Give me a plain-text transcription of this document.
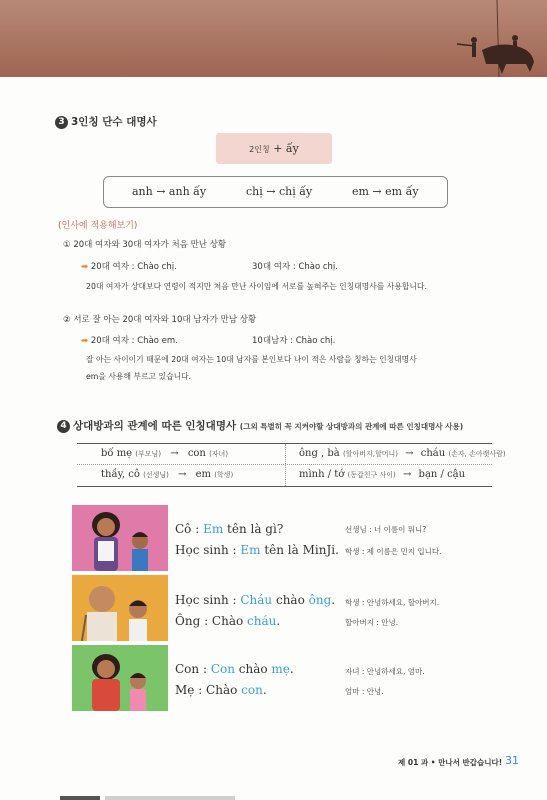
3 3인칭 단수 대명사
2인칭 + ấy
anh → anh ấy	chị → chị ấy	em → em ấy
(인사에 적용해보기)
① 20대 여자와 30대 여자가 처음 만난 상황
➡ 20대 여자 : Chào chị.	30대 여자 : Chào chị.
20대 여자가 상대보다 연령이 적지만 처음 만난 사이임에 서로를 높혀주는 인칭대명사를 사용합니다.
② 서로 잘 아는 20대 여자와 10대 남자가 만남 상황
➡ 20대 여자 : Chào em.	10대남자 : Chào chị.
잘 아는 사이이기 때문에 20대 여자는 10대 남자를 본인보다 나이 적은 사람을 칭하는 인칭대명사
em을 사용해 부르고 있습니다.
4 상대방과의 관계에 따른 인칭대명사 (그외 특별히 꼭 지켜야할 상대방과의 관계에 따른 인칭대명사 사용)
bố mẹ (부모님) → con (자녀)	ông , bà (할아버지,할머니) → cháu (손자, 손아랫사람)
thầy, cô (선생님) → em (학생)	mình / tớ (동갑친구 사이) → bạn / cậu
Cô : Em tên là gì?	선생님 : 너 이름이 뭐니?
Học sinh : Em tên là MinJi. 학생 : 제 이름은 민지 입니다.
Học sinh : Cháu chào ông. 학생 : 안녕하세요, 할아버지.
Ông : Chào cháu.	할아버지 : 안녕.
Con : Con chào mẹ.	자녀 : 안녕하세요, 엄마.
Mẹ : Chào con.	엄마 : 안녕.
제 01 과 • 만나서 반갑습니다! 31
